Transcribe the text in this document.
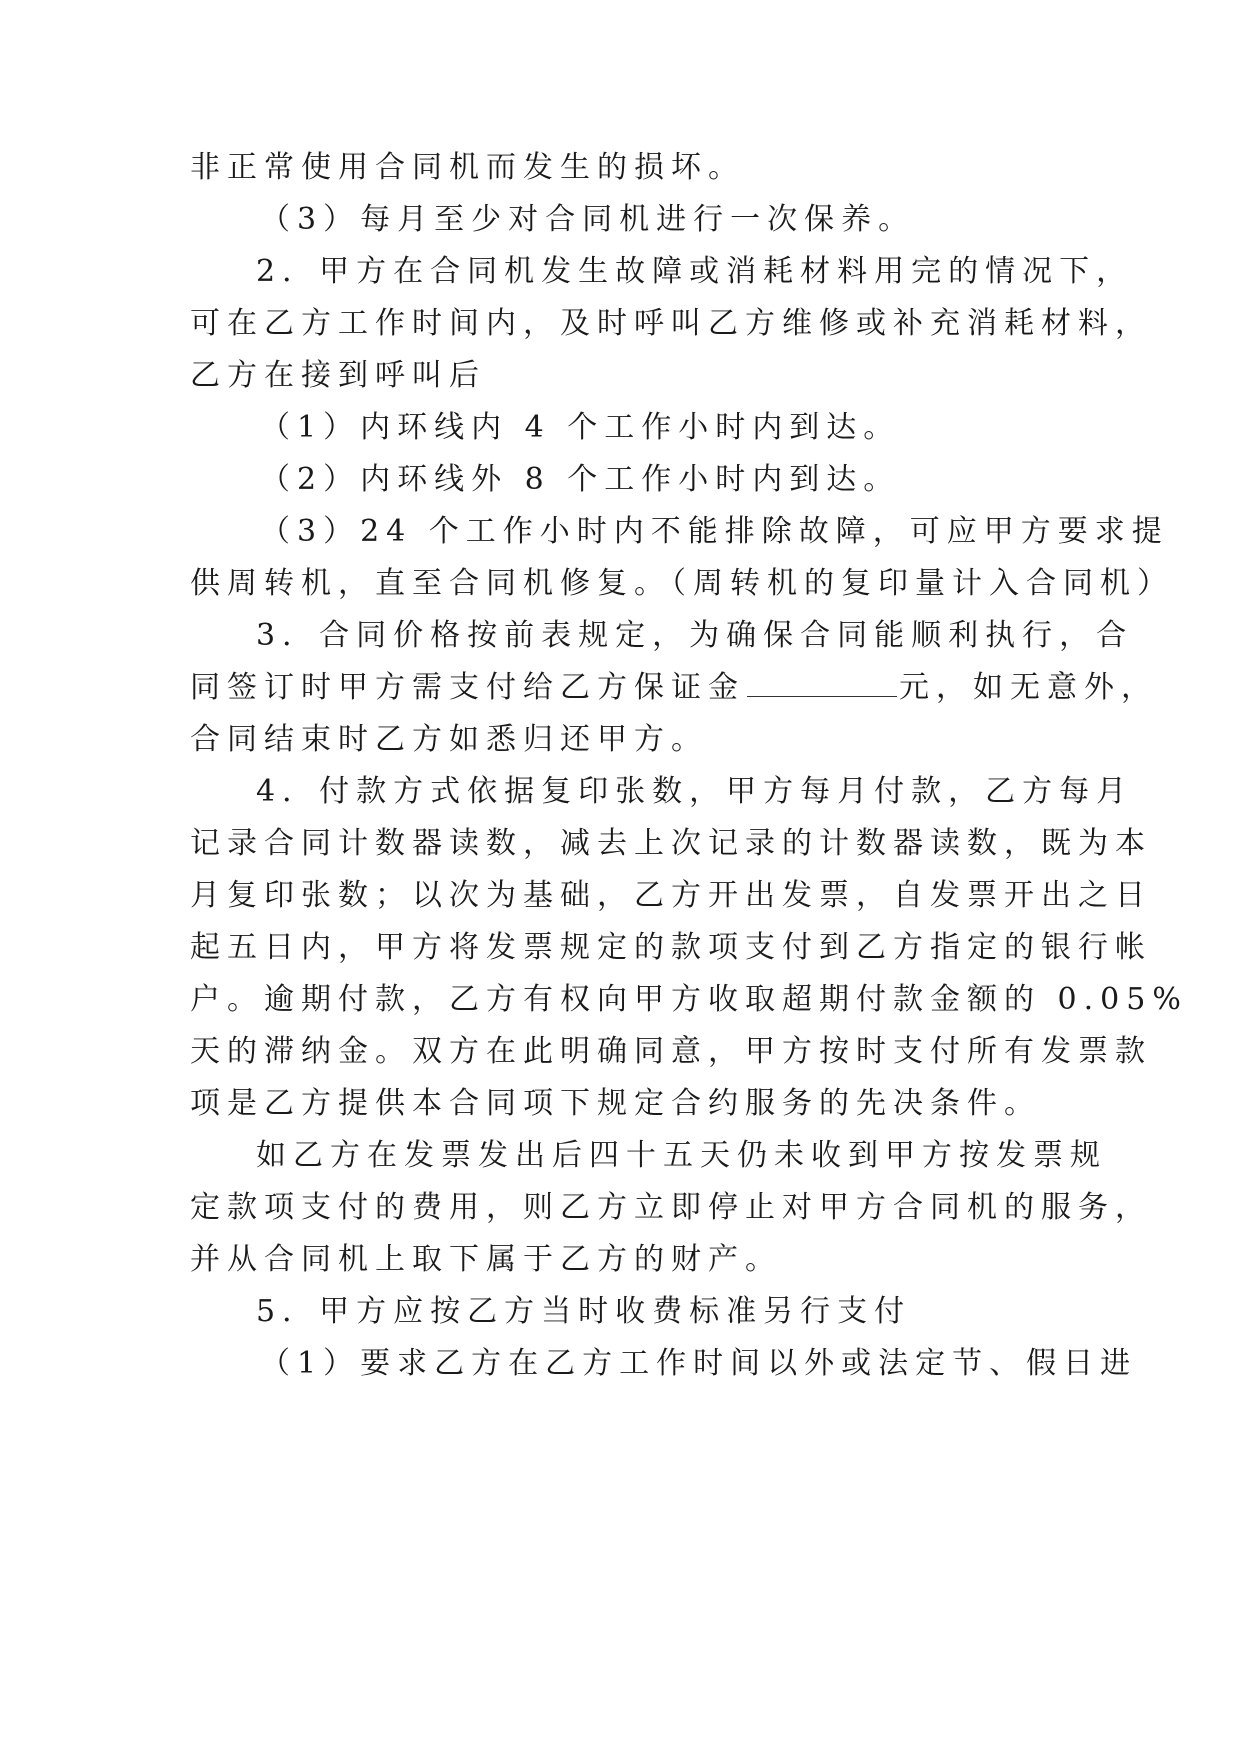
非正常使用合同机而发生的损坏。

（3）每月至少对合同机进行一次保养。

2．甲方在合同机发生故障或消耗材料用完的情况下，

可在乙方工作时间内，及时呼叫乙方维修或补充消耗材料，

乙方在接到呼叫后

（1）内环线内 4 个工作小时内到达。

（2）内环线外 8 个工作小时内到达。

（3）24 个工作小时内不能排除故障，可应甲方要求提

供周转机，直至合同机修复。（周转机的复印量计入合同机）

3．合同价格按前表规定，为确保合同能顺利执行，合

同签订时甲方需支付给乙方保证金	元，如无意外，

合同结束时乙方如悉归还甲方。

4．付款方式依据复印张数，甲方每月付款，乙方每月

记录合同计数器读数，减去上次记录的计数器读数，既为本

月复印张数；以次为基础，乙方开出发票，自发票开出之日

起五日内，甲方将发票规定的款项支付到乙方指定的银行帐

户。逾期付款，乙方有权向甲方收取超期付款金额的 0.05%

天的滞纳金。双方在此明确同意，甲方按时支付所有发票款

项是乙方提供本合同项下规定合约服务的先决条件。

如乙方在发票发出后四十五天仍未收到甲方按发票规

定款项支付的费用，则乙方立即停止对甲方合同机的服务，

并从合同机上取下属于乙方的财产。

5．甲方应按乙方当时收费标准另行支付

（1）要求乙方在乙方工作时间以外或法定节、假日进
